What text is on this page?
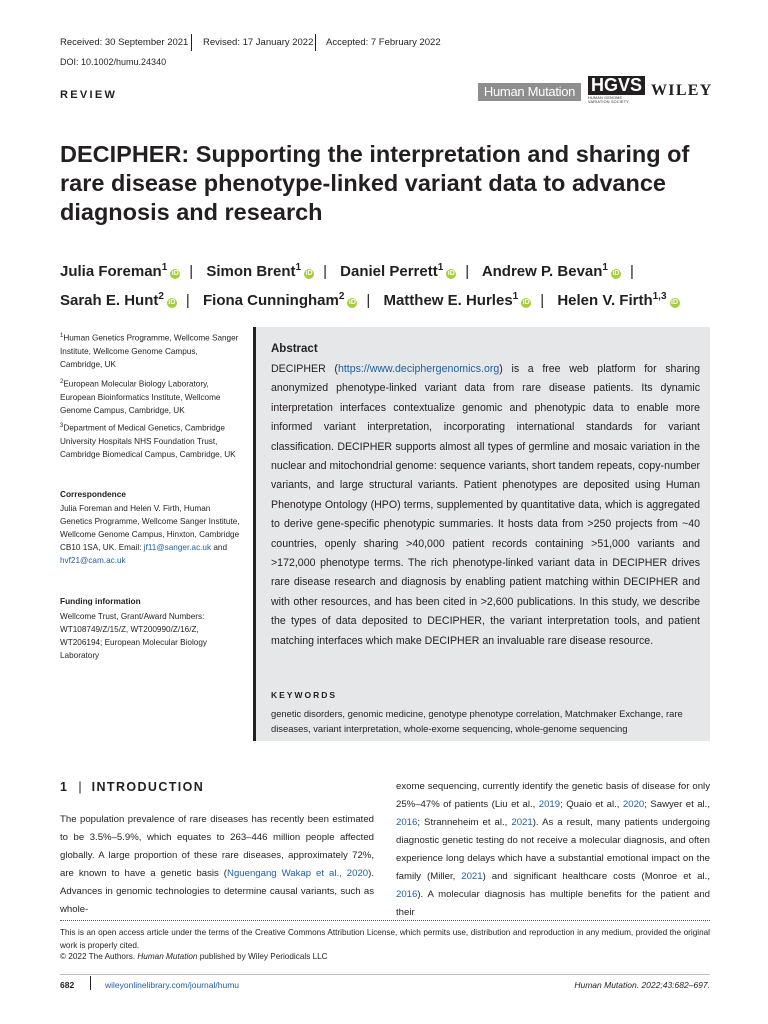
Received: 30 September 2021 Revised: 17 January 2022 Accepted: 7 February 2022
DOI: 10.1002/humu.24340
REVIEW	Human Mutation HGVS
HUMAN GENOME VARIATION SOCIETY
WILEY
DECIPHER: Supporting the interpretation and sharing of rare disease phenotype-linked variant data to advance diagnosis and research
Julia Foreman$^1$iD | Simon Brent$^1$iD | Daniel Perrett$^1$iD | Andrew P. Bevan$^1$iD |
Sarah E. Hunt$^2$iD | Fiona Cunningham$^2$iD | Matthew E. Hurles$^1$iD | Helen V. Firth$^{1,3}$iD
$^1$Human Genetics Programme, Wellcome Sanger Institute, Wellcome Genome Campus, Cambridge, UK
$^2$European Molecular Biology Laboratory, European Bioinformatics Institute, Wellcome Genome Campus, Cambridge, UK
$^3$Department of Medical Genetics, Cambridge University Hospitals NHS Foundation Trust, Cambridge Biomedical Campus, Cambridge, UK
Correspondence
Julia Foreman and Helen V. Firth, Human Genetics Programme, Wellcome Sanger Institute, Wellcome Genome Campus, Hinxton, Cambridge CB10 1SA, UK. Email: jf11@sanger.ac.uk and
hvf21@cam.ac.uk
Funding information
Wellcome Trust, Grant/Award Numbers: WT108749/Z/15/Z, WT200990/Z/16/Z, WT206194; European Molecular Biology Laboratory
Abstract
DECIPHER (https://www.deciphergenomics.org) is a free web platform for sharing anonymized phenotype-linked variant data from rare disease patients. Its dynamic interpretation interfaces contextualize genomic and phenotypic data to enable more informed variant interpretation, incorporating international standards for variant classification. DECIPHER supports almost all types of germline and mosaic variation in the nuclear and mitochondrial genome: sequence variants, short tandem repeats, copy-number variants, and large structural variants. Patient phenotypes are deposited using Human Phenotype Ontology (HPO) terms, supplemented by quantitative data, which is aggregated to derive gene-specific phenotypic summaries. It hosts data from >250 projects from ~40 countries, openly sharing >40,000 patient records containing >51,000 variants and >172,000 phenotype terms. The rich phenotype-linked variant data in DECIPHER drives rare disease research and diagnosis by enabling patient matching within DECIPHER and with other resources, and has been cited in >2,600 publications. In this study, we describe the types of data deposited to DECIPHER, the variant interpretation tools, and patient matching interfaces which make DECIPHER an invaluable rare disease resource.
KEYWORDS
genetic disorders, genomic medicine, genotype phenotype correlation, Matchmaker Exchange, rare diseases, variant interpretation, whole-exome sequencing, whole-genome sequencing
1 | INTRODUCTION
The population prevalence of rare diseases has recently been estimated to be 3.5%–5.9%, which equates to 263–446 million people affected globally. A large proportion of these rare diseases, approximately 72%, are known to have a genetic basis (Nguengang Wakap et al., 2020). Advances in genomic technologies to determine causal variants, such as whole-
exome sequencing, currently identify the genetic basis of disease for only 25%–47% of patients (Liu et al., 2019; Quaio et al., 2020; Sawyer et al., 2016; Stranneheim et al., 2021). As a result, many patients undergoing diagnostic genetic testing do not receive a molecular diagnosis, and often experience long delays which have a substantial emotional impact on the family (Miller, 2021) and significant healthcare costs (Monroe et al., 2016). A molecular diagnosis has multiple benefits for the patient and their
This is an open access article under the terms of the Creative Commons Attribution License, which permits use, distribution and reproduction in any medium, provided the original work is properly cited.
© 2022 The Authors. Human Mutation published by Wiley Periodicals LLC
682	wileyonlinelibrary.com/journal/humu	Human Mutation. 2022;43:682–697.
